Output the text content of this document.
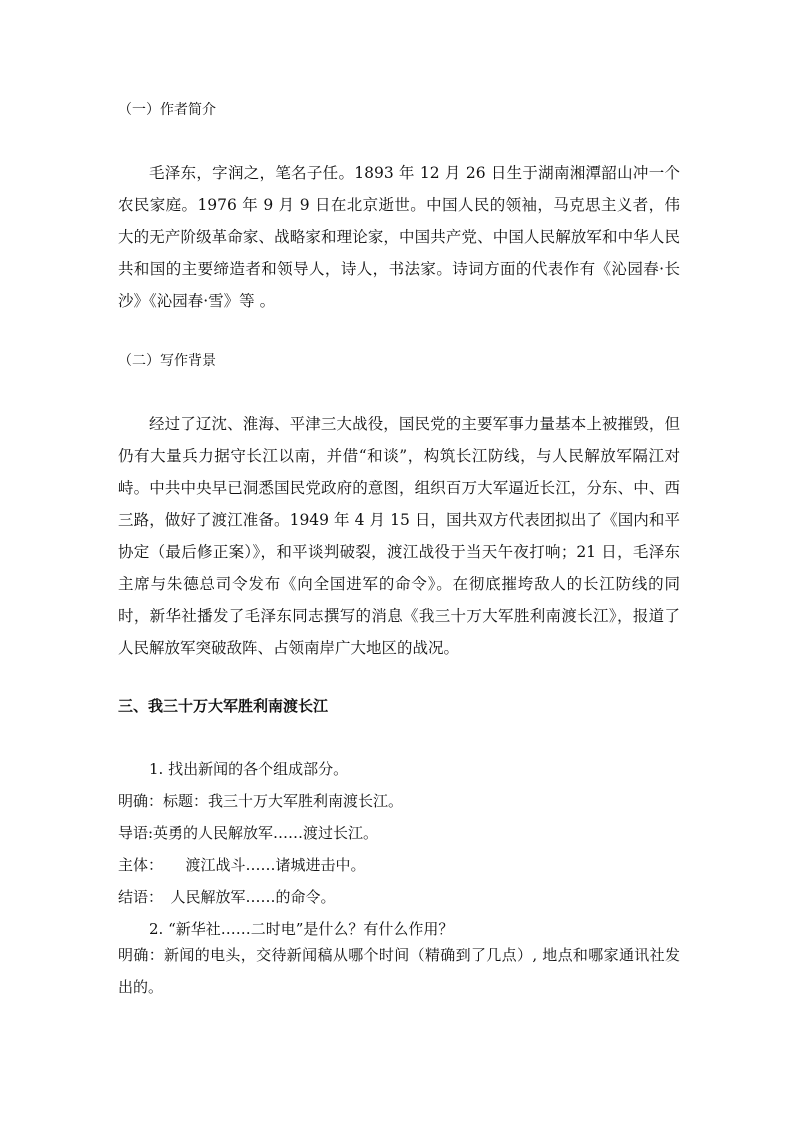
（一）作者简介

毛泽东，字润之，笔名子任。1893 年 12 月 26 日生于湖南湘潭韶山冲一个农民家庭。1976 年 9 月 9 日在北京逝世。中国人民的领袖，马克思主义者，伟大的无产阶级革命家、战略家和理论家，中国共产党、中国人民解放军和中华人民共和国的主要缔造者和领导人，诗人，书法家。诗词方面的代表作有《沁园春·长沙》《沁园春·雪》等 。

（二）写作背景

经过了辽沈、淮海、平津三大战役，国民党的主要军事力量基本上被摧毁，但仍有大量兵力据守长江以南，并借“和谈”，构筑长江防线，与人民解放军隔江对峙。中共中央早已洞悉国民党政府的意图，组织百万大军逼近长江，分东、中、西三路，做好了渡江准备。1949 年 4 月 15 日，国共双方代表团拟出了《国内和平协定（最后修正案）》，和平谈判破裂，渡江战役于当天午夜打响；21 日，毛泽东主席与朱德总司令发布《向全国进军的命令》。在彻底摧垮敌人的长江防线的同时，新华社播发了毛泽东同志撰写的消息《我三十万大军胜利南渡长江》，报道了人民解放军突破敌阵、占领南岸广大地区的战况。

三、我三十万大军胜利南渡长江
1. 找出新闻的各个组成部分。
明确：标题：我三十万大军胜利南渡长江。
导语:英勇的人民解放军……渡过长江。
主体：　　渡江战斗……诸城进击中。
结语：　人民解放军……的命令。
2. “新华社……二时电”是什么？有什么作用？
明确：新闻的电头，交待新闻稿从哪个时间（精确到了几点）, 地点和哪家通讯社发出的。
